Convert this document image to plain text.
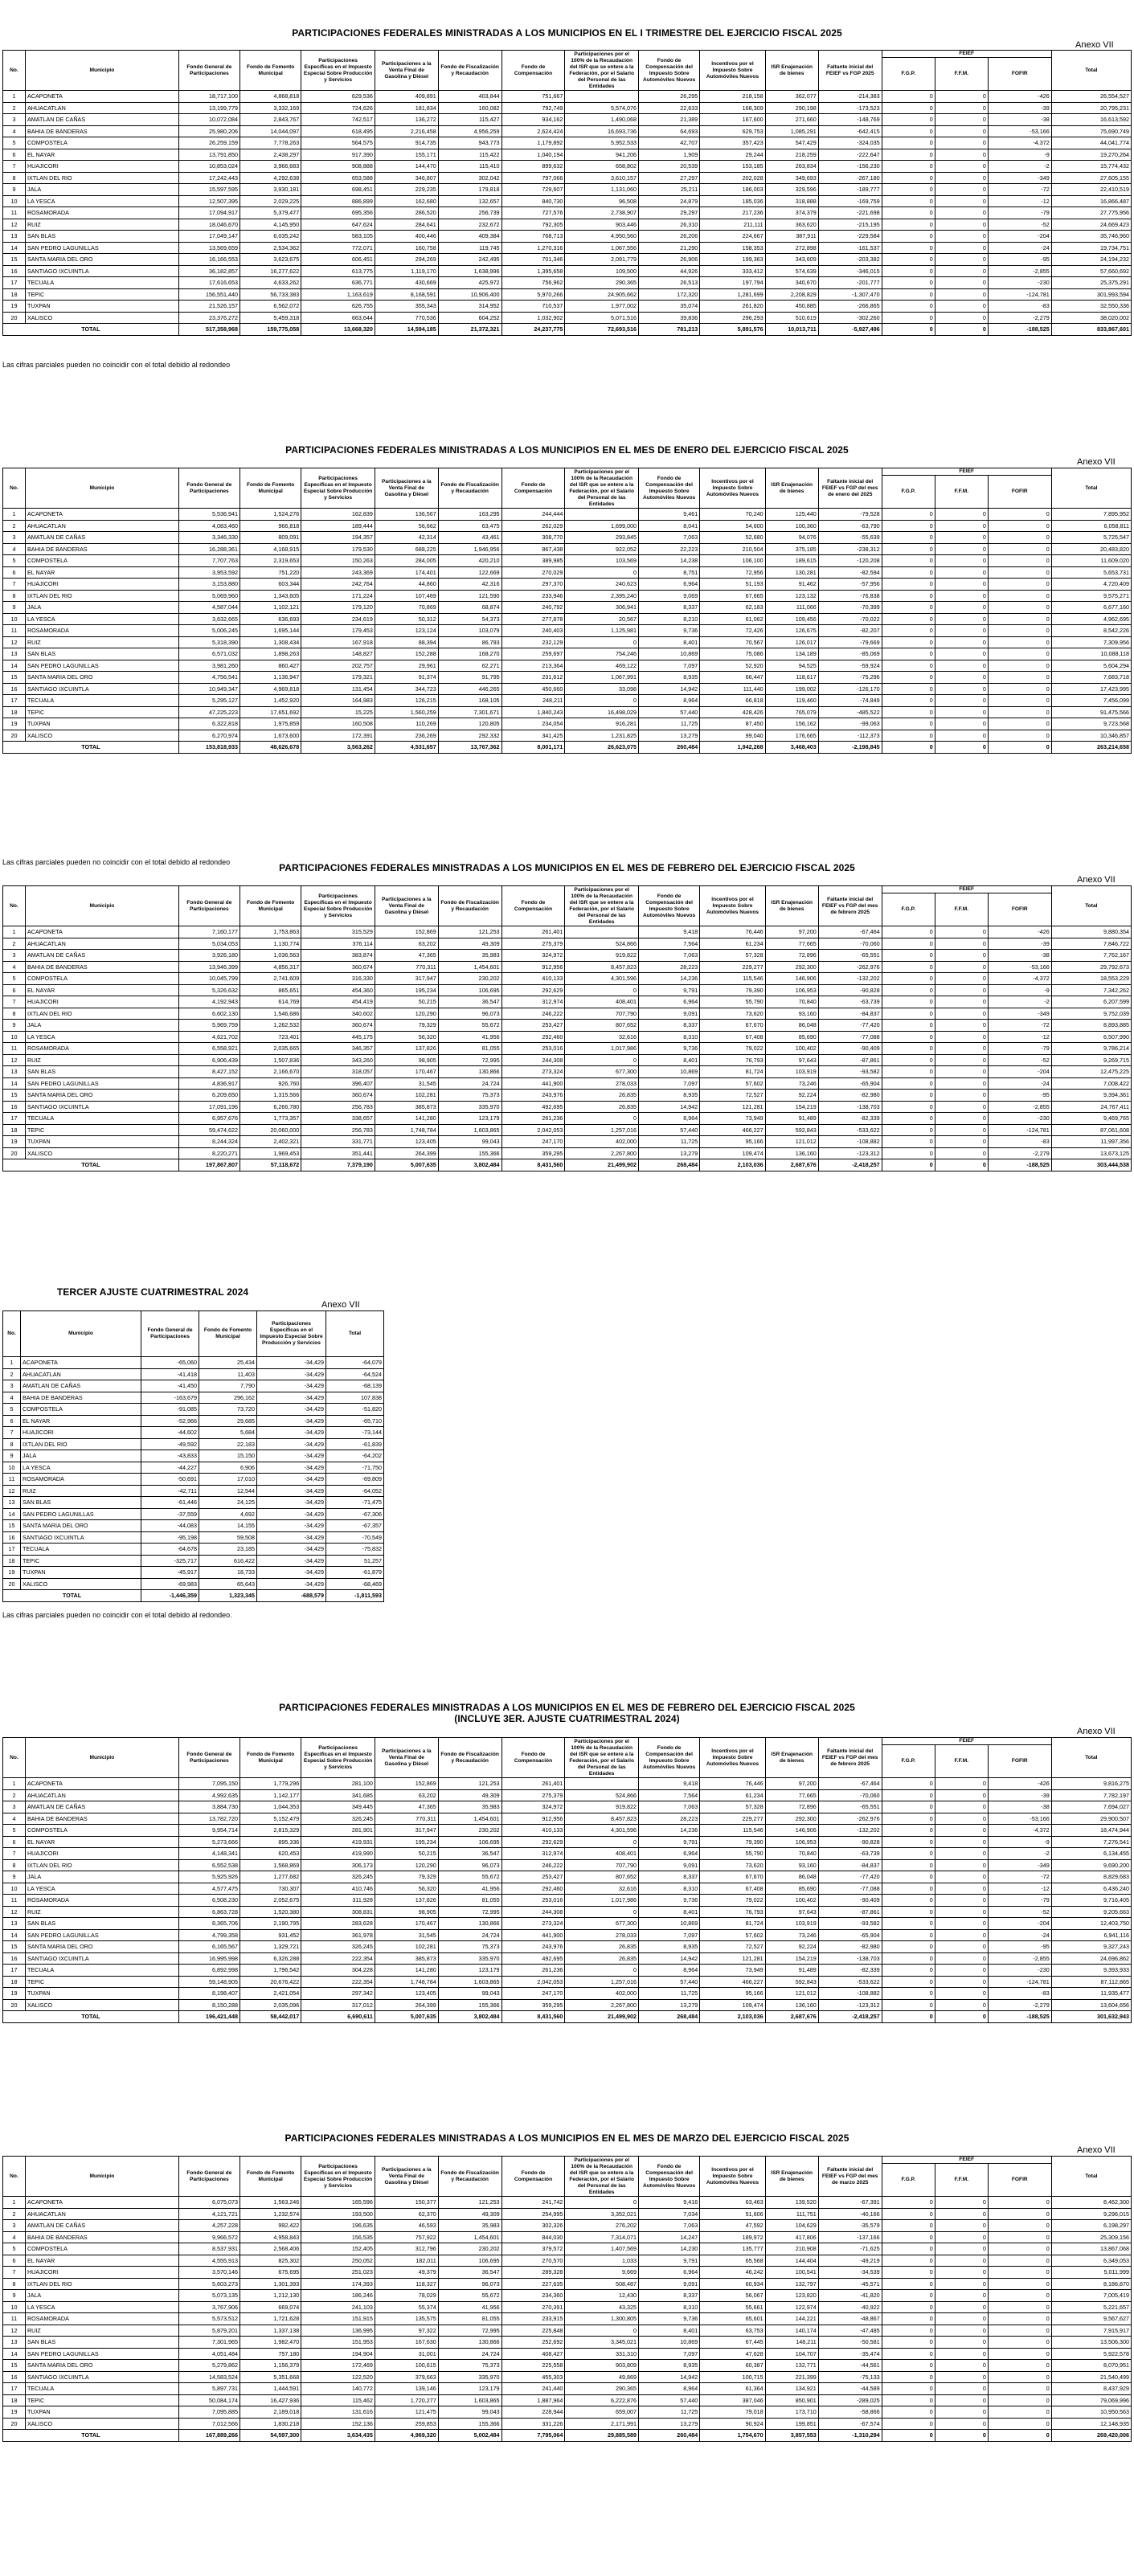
PARTICIPACIONES FEDERALES MINISTRADAS A LOS MUNICIPIOS EN EL I TRIMESTRE DEL EJERCICIO FISCAL 2025
Anexo VII
No.	Municipio	Fondo General de Participaciones	Fondo de Fomento Municipal	Participaciones Específicas en el Impuesto Especial Sobre Producción y Servicios	Participaciones a la Venta Final de Gasolina y Diésel	Fondo de Fiscalización y Recaudación	Fondo de Compensación	Participaciones por el 100% de la Recaudación del ISR que se entere a la Federación, por el Salario del Personal de las Entidades	Fondo de Compensación del Impuesto Sobre Automóviles Nuevos	Incentivos por el Impuesto Sobre Automóviles Nuevos	ISR Enajenación de bienes	Faltante inicial del FEIEF vs FGP 2025	FEIEF			Total
													F.G.P.	F.F.M.	FOFIR	
1	ACAPONETA	18,717,100	4,868,818	629,536	409,891	403,844	751,667		26,295	218,158	362,077	-214,383	0	0	-426	26,554,527
2	AHUACATLAN	13,199,779	3,332,169	724,626	181,834	160,082	792,749	5,574,076	22,633	168,309	290,198	-173,523	0	0	-39	20,795,231
3	AMATLAN DE CAÑAS	10,072,084	2,843,767	742,517	136,272	115,427	934,162	1,490,068	21,389	167,600	271,660	-148,769	0	0	-38	16,613,592
4	BAHIA DE BANDERAS	25,980,206	14,044,097	618,495	2,216,458	4,956,259	2,624,424	16,693,736	64,693	629,753	1,085,291	-642,415	0	0	-53,166	75,690,749
5	COMPOSTELA	26,259,159	7,778,263	564,575	914,735	943,773	1,179,892	5,952,533	42,707	357,423	547,429	-324,035	0	0	-4,372	44,041,774
6	EL NAYAR	13,791,850	2,438,297	917,390	155,171	115,422	1,040,194	941,206	1,909	29,244	218,259	-222,647	0	0	-9	19,270,264
7	HUAJICORI	10,853,024	3,966,683	908,888	144,470	115,410	899,632	658,802	20,539	153,185	263,834	-156,230	0	0	-2	15,774,432
8	IXTLAN DEL RIO	17,242,443	4,292,638	653,588	346,807	302,042	797,066	3,610,157	27,297	202,028	349,693	-267,180	0	0	-349	27,605,155
9	JALA	15,597,595	3,930,181	698,451	229,235	179,818	729,607	1,131,060	25,211	186,003	329,596	-189,777	0	0	-72	22,410,519
10	LA YESCA	12,507,395	2,029,225	886,899	162,680	132,657	840,730	96,508	24,879	185,036	318,888	-169,759	0	0	-12	16,866,487
11	ROSAMORADA	17,094,917	5,379,477	695,356	286,520	256,739	727,576	2,738,907	29,297	217,236	374,379	-221,698	0	0	-79	27,775,956
12	RUIZ	18,046,670	4,145,950	647,624	284,641	232,672	792,305	903,446	26,310	211,111	363,620	-215,195	0	0	-52	24,669,423
13	SAN BLAS	17,049,147	6,035,242	583,105	400,446	409,384	768,713	4,950,560	26,206	224,667	387,911	-229,584	0	0	-204	35,746,960
14	SAN PEDRO LAGUNILLAS	13,569,659	2,534,362	772,071	160,758	119,745	1,270,316	1,067,556	21,290	158,353	272,898	-161,537	0	0	-24	19,734,751
15	SANTA MARIA DEL ORO	16,166,553	3,623,675	606,451	294,269	242,495	701,346	2,091,779	26,906	199,363	343,609	-203,382	0	0	-95	24,194,232
16	SANTIAGO IXCUINTLA	36,182,857	16,277,622	613,775	1,119,170	1,638,996	1,395,658	109,500	44,926	333,412	574,639	-346,015	0	0	-2,855	57,660,692
17	TECUALA	17,616,653	4,633,262	636,771	430,669	425,972	756,962	290,365	26,513	197,794	340,670	-201,777	0	0	-230	25,375,291
18	TEPIC	156,551,440	56,733,383	1,163,619	8,168,591	10,906,400	5,970,266	24,905,662	172,320	1,281,699	2,208,829	-1,307,470	0	0	-124,781	301,993,594
19	TUXPAN	21,526,157	6,562,072	626,755	355,343	314,952	710,537	1,977,002	35,074	261,820	450,885	-266,865	0	0	-83	32,550,336
20	XALISCO	23,376,272	5,459,318	663,644	770,536	604,252	1,032,902	5,071,516	39,836	296,293	510,619	-302,260	0	0	-2,279	38,020,002
TOTAL		517,358,968	159,775,058	13,668,320	14,594,185	21,372,321	24,237,775	72,693,516	781,213	5,891,576	10,013,711	-5,927,496	0	0	-188,525	833,867,601
Las cifras parciales pueden no coincidir con el total debido al redondeo
PARTICIPACIONES FEDERALES MINISTRADAS A LOS MUNICIPIOS EN EL MES DE ENERO DEL EJERCICIO FISCAL 2025
Anexo VII
No.	Municipio	Fondo General de Participaciones	Fondo de Fomento Municipal	Participaciones Específicas en el Impuesto Especial Sobre Producción y Servicios	Participaciones a la Venta Final de Gasolina y Diésel	Fondo de Fiscalización y Recaudación	Fondo de Compensación	Participaciones por el 100% de la Recaudación del ISR que se entere a la Federación, por el Salario del Personal de las Entidades	Fondo de Compensación del Impuesto Sobre Automóviles Nuevos	Incentivos por el Impuesto Sobre Automóviles Nuevos	ISR Enajenación de bienes	Faltante inicial del FEIEF vs FGP del mes de enero del 2025	FEIEF			Total
													F.G.P.	F.F.M.	FOFIR	
1	ACAPONETA	5,536,941	1,524,276	162,839	136,567	163,295	244,444		9,461	70,240	125,440	-79,528	0	0	0	7,895,952
2	AHUACATLAN	4,083,460	966,818	189,444	56,662	63,475	262,029	1,699,000	8,041	54,600	100,360	-63,790	0	0	0	6,058,811
3	AMATLAN DE CAÑAS	3,346,330	809,091	194,357	42,314	43,461	308,770	293,845	7,063	52,680	94,076	-55,639	0	0	0	5,725,547
4	BAHIA DE BANDERAS	16,288,361	4,168,915	179,530	688,225	1,946,956	867,438	922,052	22,223	210,504	375,185	-238,312	0	0	0	20,483,820
5	COMPOSTELA	7,707,763	2,319,653	150,263	284,005	420,210	389,985	103,569	14,238	106,100	189,615	-120,208	0	0	0	11,609,020
6	EL NAYAR	3,953,592	751,220	243,369	174,401	122,669	270,029	0	8,751	72,956	130,281	-82,594	0	0	0	5,653,731
7	HUAJICORI	3,153,880	603,344	242,764	44,860	42,316	297,370	240,623	6,964	51,193	91,462	-57,956	0	0	0	4,720,409
8	IXTLAN DEL RIO	5,069,960	1,343,605	171,224	107,469	121,590	233,946	2,395,240	9,069	67,665	123,132	-76,838	0	0	0	9,575,271
9	JALA	4,587,044	1,102,121	179,120	70,869	68,874	240,792	306,941	8,337	62,183	111,066	-70,399	0	0	0	6,677,160
10	LA YESCA	3,632,665	636,693	234,619	50,312	54,373	277,878	20,567	8,210	61,062	109,456	-70,022	0	0	0	4,962,695
11	ROSAMORADA	5,006,245	1,695,144	179,453	123,124	103,079	240,403	1,125,981	9,736	72,426	126,675	-82,207	0	0	0	8,542,226
12	RUIZ	5,318,390	1,308,434	167,918	88,394	86,793	232,129	0	8,401	70,567	126,017	-79,669	0	0	0	7,309,956
13	SAN BLAS	6,571,032	1,898,263	148,827	152,288	168,270	259,697	754,246	10,869	75,086	134,189	-85,069	0	0	0	10,088,118
14	SAN PEDRO LAGUNILLAS	3,981,260	860,427	202,757	29,961	62,271	213,364	469,122	7,097	52,920	94,525	-59,924	0	0	0	5,604,294
15	SANTA MARIA DEL ORO	4,756,541	1,136,947	179,321	91,374	91,795	231,612	1,067,991	8,935	66,447	118,617	-75,296	0	0	0	7,683,718
16	SANTIAGO IXCUINTLA	10,949,347	4,969,818	131,454	344,723	446,265	450,660	33,098	14,942	111,440	199,002	-126,170	0	0	0	17,423,995
17	TECUALA	5,295,127	1,452,920	164,983	126,215	168,105	248,211	0	8,964	66,818	119,460	-74,849	0	0	0	7,456,099
18	TEPIC	47,225,223	17,651,692	15,225	1,560,259	7,301,671	1,840,243	16,498,029	57,440	428,426	765,079	-485,522	0	0	0	91,475,566
19	TUXPAN	6,322,818	1,975,859	160,508	110,269	120,805	234,054	916,281	11,725	87,450	156,162	-99,063	0	0	0	9,723,568
20	XALISCO	6,270,974	1,673,600	172,391	236,269	292,332	341,425	1,231,825	13,279	99,040	176,665	-112,373	0	0	0	10,346,857
TOTAL		153,818,933	48,626,678	3,563,262	4,531,657	13,767,362	8,001,171	26,623,075	260,484	1,942,268	3,468,403	-2,198,845	0	0	0	263,214,658
Las cifras parciales pueden no coincidir con el total debido al redondeo	PARTICIPACIONES FEDERALES MINISTRADAS A LOS MUNICIPIOS EN EL MES DE FEBRERO DEL EJERCICIO FISCAL 2025
Anexo VII
No.	Municipio	Fondo General de Participaciones	Fondo de Fomento Municipal	Participaciones Específicas en el Impuesto Especial Sobre Producción y Servicios	Participaciones a la Venta Final de Gasolina y Diésel	Fondo de Fiscalización y Recaudación	Fondo de Compensación	Participaciones por el 100% de la Recaudación del ISR que se entere a la Federación, por el Salario del Personal de las Entidades	Fondo de Compensación del Impuesto Sobre Automóviles Nuevos	Incentivos por el Impuesto Sobre Automóviles Nuevos	ISR Enajenación de bienes	Faltante inicial del FEIEF vs FGP del mes de febrero 2025	FEIEF			Total
													F.G.P.	F.F.M.	FOFIR	
1	ACAPONETA	7,160,177	1,753,863	315,529	152,869	121,253	261,401		9,418	76,446	97,200	-67,464	0	0	-426	9,880,354
2	AHUACATLAN	5,034,053	1,130,774	376,114	63,202	49,309	275,379	524,866	7,564	61,234	77,665	-70,060	0	0	-39	7,846,722
3	AMATLAN DE CAÑAS	3,926,180	1,036,563	383,874	47,365	35,983	324,972	919,822	7,063	57,328	72,896	-65,551	0	0	-38	7,762,167
4	BAHIA DE BANDERAS	13,946,399	4,856,317	360,674	770,311	1,454,601	912,956	8,457,823	28,223	229,277	292,300	-262,976	0	0	-53,166	29,792,673
5	COMPOSTELA	10,045,799	2,741,609	316,330	317,947	230,202	410,133	4,301,596	14,236	115,546	146,906	-132,202	0	0	-4,372	18,553,229
6	EL NAYAR	5,326,632	865,651	454,360	195,234	106,695	292,629	0	9,791	79,390	106,953	-90,828	0	0	-9	7,342,262
7	HUAJICORI	4,192,943	614,769	454,419	50,215	36,547	312,974	408,401	6,964	55,790	70,840	-63,739	0	0	-2	6,207,599
8	IXTLAN DEL RIO	6,602,130	1,546,686	340,602	120,290	96,073	246,222	707,790	9,091	73,620	93,160	-84,837	0	0	-349	9,752,039
9	JALA	5,969,759	1,262,532	360,674	79,329	55,672	253,427	807,652	8,337	67,670	86,048	-77,420	0	0	-72	8,893,885
10	LA YESCA	4,621,702	723,401	445,175	56,320	41,956	292,460	32,616	8,310	67,408	85,690	-77,088	0	0	-12	6,507,990
11	ROSAMORADA	6,558,921	2,035,665	346,357	137,826	81,055	253,016	1,017,986	9,736	79,022	100,402	-90,409	0	0	-79	9,786,214
12	RUIZ	6,906,439	1,507,836	343,260	98,905	72,995	244,308	0	8,401	76,793	97,643	-87,861	0	0	-52	9,269,715
13	SAN BLAS	8,427,152	2,166,670	318,057	170,467	130,866	273,324	677,300	10,869	81,724	103,919	-93,582	0	0	-204	12,475,225
14	SAN PEDRO LAGUNILLAS	4,836,917	926,760	396,407	31,545	24,724	441,900	278,033	7,097	57,602	73,246	-65,904	0	0	-24	7,008,422
15	SANTA MARIA DEL ORO	6,209,650	1,315,566	360,674	102,281	75,373	243,976	26,835	8,935	72,527	92,224	-82,980	0	0	-95	9,394,361
16	SANTIAGO IXCUINTLA	17,091,196	6,266,780	256,783	385,873	335,970	492,695	26,835	14,942	121,281	154,219	-138,703	0	0	-2,855	24,767,411
17	TECUALA	6,957,676	1,773,357	338,657	141,280	123,179	261,236	0	8,964	73,949	91,489	-82,339	0	0	-230	9,469,765
18	TEPIC	59,474,622	20,060,000	256,783	1,748,784	1,603,865	2,042,053	1,257,016	57,440	466,227	592,843	-533,622	0	0	-124,781	87,061,608
19	TUXPAN	8,244,324	2,402,321	331,771	123,405	99,043	247,170	402,000	11,725	95,166	121,012	-108,882	0	0	-83	11,997,356
20	XALISCO	8,220,271	1,969,453	351,441	264,399	155,366	359,295	2,267,800	13,279	109,474	136,160	-123,312	0	0	-2,279	13,673,125
TOTAL		197,867,807	57,118,672	7,379,190	5,007,635	3,802,484	8,431,560	21,499,902	268,484	2,103,036	2,687,676	-2,418,257	0	0	-188,525	303,444,538
TERCER AJUSTE CUATRIMESTRAL 2024
Anexo VII
No.	Municipio	Fondo General de Participaciones	Fondo de Fomento Municipal	Participaciones Específicas en el Impuesto Especial Sobre Producción y Servicios	Total
1	ACAPONETA	-65,060	25,434	-34,429	-64,079
2	AHUACATLAN	-41,418	11,403	-34,429	-64,524
3	AMATLAN DE CAÑAS	-41,450	7,790	-34,429	-68,139
4	BAHIA DE BANDERAS	-163,679	296,162	-34,429	107,838
5	COMPOSTELA	-91,085	73,720	-34,429	-51,820
6	EL NAYAR	-52,966	29,685	-34,429	-65,710
7	HUAJICORI	-44,602	5,684	-34,429	-73,144
8	IXTLAN DEL RIO	-49,592	22,183	-34,429	-61,839
9	JALA	-43,833	15,150	-34,429	-64,202
10	LA YESCA	-44,227	6,906	-34,429	-71,750
11	ROSAMORADA	-50,691	17,010	-34,429	-69,809
12	RUIZ	-42,711	12,544	-34,429	-64,052
13	SAN BLAS	-61,446	24,125	-34,429	-71,475
14	SAN PEDRO LAGUNILLAS	-37,559	4,692	-34,429	-67,306
15	SANTA MARIA DEL ORO	-44,083	14,155	-34,429	-67,357
16	SANTIAGO IXCUINTLA	-95,198	59,508	-34,429	-70,549
17	TECUALA	-64,678	23,185	-34,429	-75,832
18	TEPIC	-325,717	616,422	-34,429	51,257
19	TUXPAN	-45,917	18,733	-34,429	-61,879
20	XALISCO	-69,983	65,643	-34,429	-68,469
TOTAL		-1,446,359	1,323,345	-688,579	-1,811,593
Las cifras parciales pueden no coincidir con el total debido al redondeo.
PARTICIPACIONES FEDERALES MINISTRADAS A LOS MUNICIPIOS EN EL MES DE FEBRERO DEL EJERCICIO FISCAL 2025
(INCLUYE 3ER. AJUSTE CUATRIMESTRAL 2024)
Anexo VII
No.	Municipio	Fondo General de Participaciones	Fondo de Fomento Municipal	Participaciones Específicas en el Impuesto Especial Sobre Producción y Servicios	Participaciones a la Venta Final de Gasolina y Diésel	Fondo de Fiscalización y Recaudación	Fondo de Compensación	Participaciones por el 100% de la Recaudación del ISR que se entere a la Federación, por el Salario del Personal de las Entidades	Fondo de Compensación del Impuesto Sobre Automóviles Nuevos	Incentivos por el Impuesto Sobre Automóviles Nuevos	ISR Enajenación de bienes	Faltante inicial del FEIEF vs FGP del mes de febrero 2025	FEIEF			Total
													F.G.P.	F.F.M.	FOFIR	
1	ACAPONETA	7,095,150	1,779,296	281,100	152,869	121,253	261,401		9,418	76,446	97,200	-67,464	0	0	-426	9,816,275
2	AHUACATLAN	4,992,635	1,142,177	341,685	63,202	49,309	275,379	524,866	7,564	61,234	77,665	-70,060	0	0	-39	7,782,197
3	AMATLAN DE CAÑAS	3,884,730	1,044,353	349,445	47,365	35,983	324,972	919,822	7,063	57,328	72,896	-65,551	0	0	-38	7,694,027
4	BAHIA DE BANDERAS	13,782,720	5,152,479	326,245	770,311	1,454,601	912,956	8,457,823	28,223	229,277	292,300	-262,976	0	0	-53,166	29,900,507
5	COMPOSTELA	9,954,714	2,815,329	281,901	317,947	230,202	410,133	4,301,596	14,236	115,546	146,906	-132,202	0	0	-4,372	18,474,944
6	EL NAYAR	5,273,666	895,336	419,931	195,234	106,695	292,629	0	9,791	79,390	106,953	-90,828	0	0	-9	7,276,541
7	HUAJICORI	4,148,341	620,453	419,990	50,215	36,547	312,974	408,401	6,964	55,790	70,840	-63,739	0	0	-2	6,134,455
8	IXTLAN DEL RIO	6,552,538	1,568,869	306,173	120,290	96,073	246,222	707,790	9,091	73,620	93,160	-84,837	0	0	-349	9,690,200
9	JALA	5,925,926	1,277,682	326,245	79,329	55,672	253,427	807,652	8,337	67,670	86,048	-77,420	0	0	-72	8,829,683
10	LA YESCA	4,577,475	730,307	410,746	56,320	41,956	292,460	32,616	8,310	67,408	85,690	-77,088	0	0	-12	6,436,240
11	ROSAMORADA	6,508,230	2,052,675	311,928	137,826	81,055	253,016	1,017,986	9,736	79,022	100,402	-90,409	0	0	-79	9,716,405
12	RUIZ	6,863,728	1,520,380	308,831	98,905	72,995	244,308	0	8,401	76,793	97,643	-87,861	0	0	-52	9,205,663
13	SAN BLAS	8,365,706	2,190,795	283,628	170,467	130,866	273,324	677,300	10,869	81,724	103,919	-93,582	0	0	-204	12,403,750
14	SAN PEDRO LAGUNILLAS	4,799,358	931,452	361,978	31,545	24,724	441,900	278,033	7,097	57,602	73,246	-65,904	0	0	-24	6,941,116
15	SANTA MARIA DEL ORO	6,165,567	1,329,721	326,245	102,281	75,373	243,976	26,835	8,935	72,527	92,224	-82,980	0	0	-95	9,327,243
16	SANTIAGO IXCUINTLA	16,995,998	6,326,288	222,354	385,873	335,970	492,695	26,835	14,942	121,281	154,219	-138,703	0	0	-2,855	24,696,862
17	TECUALA	6,892,998	1,796,542	304,228	141,280	123,179	261,236	0	8,964	73,949	91,489	-82,339	0	0	-230	9,393,933
18	TEPIC	59,148,905	20,676,422	222,354	1,748,784	1,603,865	2,042,053	1,257,016	57,440	466,227	592,843	-533,622	0	0	-124,781	87,112,865
19	TUXPAN	8,198,407	2,421,054	297,342	123,405	99,043	247,170	402,000	11,725	95,166	121,012	-108,882	0	0	-83	11,935,477
20	XALISCO	8,150,288	2,035,096	317,012	264,399	155,366	359,295	2,267,800	13,279	109,474	136,160	-123,312	0	0	-2,279	13,604,656
TOTAL		196,421,448	58,442,017	6,690,611	5,007,635	3,802,484	8,431,560	21,499,902	268,484	2,103,036	2,687,676	-2,418,257	0	0	-188,525	301,632,943
PARTICIPACIONES FEDERALES MINISTRADAS A LOS MUNICIPIOS EN EL MES DE MARZO DEL EJERCICIO FISCAL 2025
Anexo VII
No.	Municipio	Fondo General de Participaciones	Fondo de Fomento Municipal	Participaciones Específicas en el Impuesto Especial Sobre Producción y Servicios	Participaciones a la Venta Final de Gasolina y Diésel	Fondo de Fiscalización y Recaudación	Fondo de Compensación	Participaciones por el 100% de la Recaudación del ISR que se entere a la Federación, por el Salario del Personal de las Entidades	Fondo de Compensación del Impuesto Sobre Automóviles Nuevos	Incentivos por el Impuesto Sobre Automóviles Nuevos	ISR Enajenación de bienes	Faltante inicial del FEIEF vs FGP del mes de marzo 2025	FEIEF			Total
													F.G.P.	F.F.M.	FOFIR	
1	ACAPONETA	6,075,073	1,563,246	165,596	150,377	121,253	241,742	0	9,416	63,463	139,520	-67,391	0	0	0	8,462,300
2	AHUACATLAN	4,121,721	1,232,574	193,500	62,370	49,309	254,995	3,352,021	7,034	51,606	111,751	-40,166	0	0	0	9,296,015
3	AMATLAN DE CAÑAS	4,257,228	992,422	196,635	46,593	35,983	302,326	276,202	7,063	47,592	104,629	-35,579	0	0	0	6,198,297
4	BAHIA DE BANDERAS	9,966,572	4,958,843	156,535	757,922	1,454,601	844,030	7,314,071	14,247	189,972	417,806	-137,166	0	0	0	25,309,156
5	COMPOSTELA	8,537,931	2,568,406	152,405	312,796	230,202	379,572	1,407,569	14,230	135,777	210,908	-71,625	0	0	0	13,867,068
6	EL NAYAR	4,555,913	825,302	250,052	182,011	106,695	270,570	1,033	9,791	65,568	144,404	-49,219	0	0	0	6,349,053
7	HUAJICORI	3,570,146	675,695	251,023	49,379	36,547	289,328	9,669	6,964	46,242	100,541	-34,539	0	0	0	5,011,999
8	IXTLAN DEL RIO	5,603,273	1,301,393	174,393	118,327	96,073	227,635	508,487	9,091	60,934	132,797	-45,571	0	0	0	8,186,870
9	JALA	5,073,135	1,212,130	186,246	78,029	55,672	234,360	12,430	8,337	56,067	123,820	-41,820	0	0	0	7,005,419
10	LA YESCA	3,767,906	669,074	241,103	55,374	41,956	270,391	43,325	8,310	55,661	122,974	-40,922	0	0	0	5,221,657
11	ROSAMORADA	5,573,512	1,721,628	151,915	135,575	81,055	233,915	1,300,805	9,736	65,601	144,221	-48,867	0	0	0	9,567,627
12	RUIZ	5,879,201	1,337,138	136,995	97,322	72,995	225,848	0	8,401	63,753	140,174	-47,485	0	0	0	7,915,917
13	SAN BLAS	7,301,965	1,982,470	151,953	167,630	130,866	252,692	3,345,021	10,869	67,445	148,211	-50,581	0	0	0	13,506,300
14	SAN PEDRO LAGUNILLAS	4,051,484	757,180	194,904	31,001	24,724	408,427	331,310	7,097	47,628	104,707	-35,474	0	0	0	5,922,578
15	SANTA MARIA DEL ORO	5,279,862	1,156,379	172,469	100,615	75,373	225,558	903,809	8,935	60,387	132,771	-44,561	0	0	0	8,070,951
16	SANTIAGO IXCUINTLA	14,583,524	5,351,668	122,520	379,663	335,970	455,303	49,869	14,942	100,715	221,399	-75,133	0	0	0	21,540,499
17	TECUALA	5,897,731	1,444,591	140,772	139,146	123,179	241,440	290,365	8,964	61,364	134,921	-44,589	0	0	0	8,437,929
18	TEPIC	50,084,174	16,427,936	115,462	1,720,277	1,603,865	1,887,964	6,222,876	57,440	387,046	850,901	-289,025	0	0	0	79,069,996
19	TUXPAN	7,095,885	2,189,018	131,616	121,475	99,043	228,944	659,007	11,725	79,018	173,710	-58,866	0	0	0	10,950,563
20	XALISCO	7,012,566	1,830,218	152,136	259,853	155,366	331,226	2,171,991	13,279	90,924	199,851	-67,574	0	0	0	12,148,935
TOTAL		167,889,266	54,597,300	3,634,435	4,969,320	5,002,484	7,795,064	29,885,589	260,484	1,754,670	3,857,553	-1,310,294	0	0	0	269,420,006
